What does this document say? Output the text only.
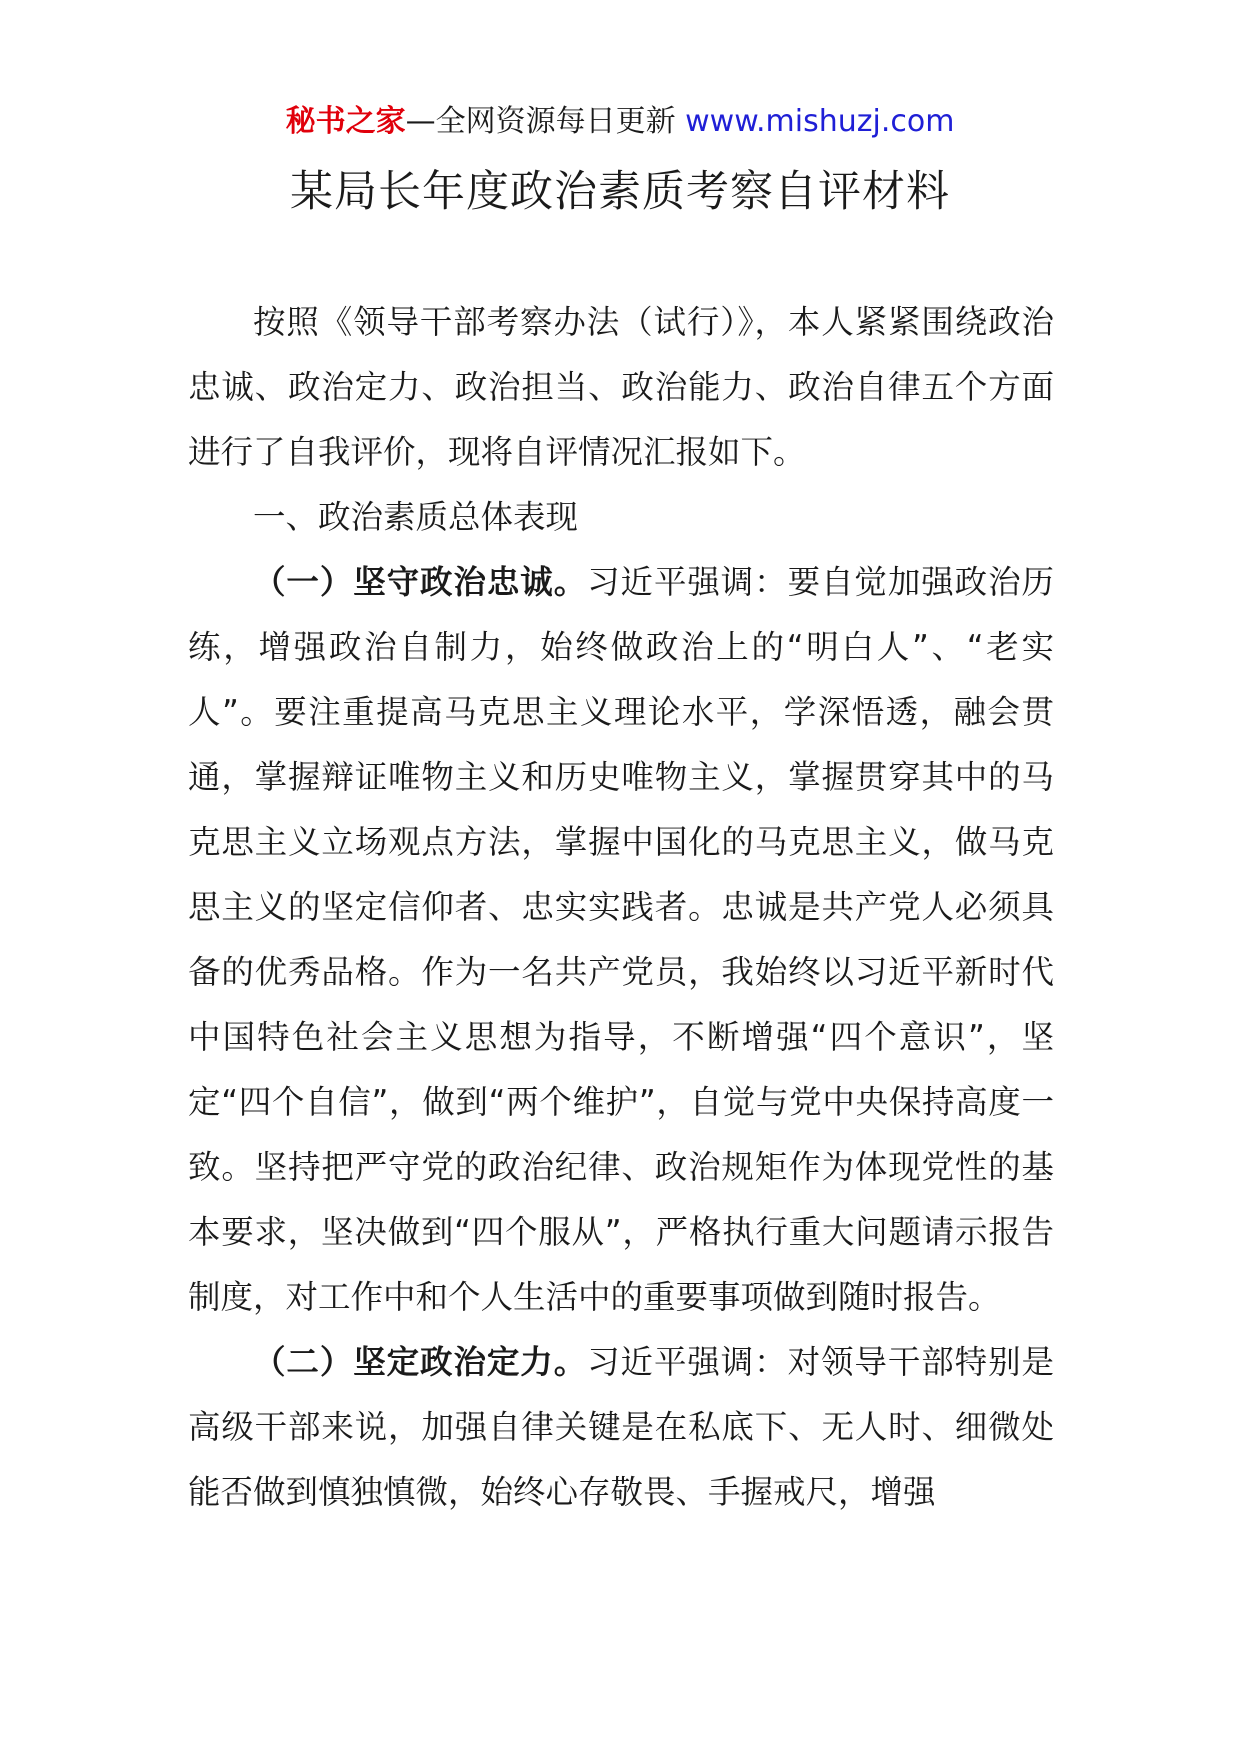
秘书之家—全网资源每日更新 www.mishuzj.com
某局长年度政治素质考察自评材料

按照《领导干部考察办法（试行）》，本人紧紧围绕政治忠诚、政治定力、政治担当、政治能力、政治自律五个方面进行了自我评价，现将自评情况汇报如下。

一、政治素质总体表现

（一）坚守政治忠诚。习近平强调：要自觉加强政治历练，增强政治自制力，始终做政治上的“明白人”、“老实人”。要注重提高马克思主义理论水平，学深悟透，融会贯通，掌握辩证唯物主义和历史唯物主义，掌握贯穿其中的马克思主义立场观点方法，掌握中国化的马克思主义，做马克思主义的坚定信仰者、忠实实践者。忠诚是共产党人必须具备的优秀品格。作为一名共产党员，我始终以习近平新时代中国特色社会主义思想为指导，不断增强“四个意识”，坚定“四个自信”，做到“两个维护”，自觉与党中央保持高度一致。坚持把严守党的政治纪律、政治规矩作为体现党性的基本要求，坚决做到“四个服从”，严格执行重大问题请示报告制度，对工作中和个人生活中的重要事项做到随时报告。

（二）坚定政治定力。习近平强调：对领导干部特别是高级干部来说，加强自律关键是在私底下、无人时、细微处能否做到慎独慎微，始终心存敬畏、手握戒尺，增强
